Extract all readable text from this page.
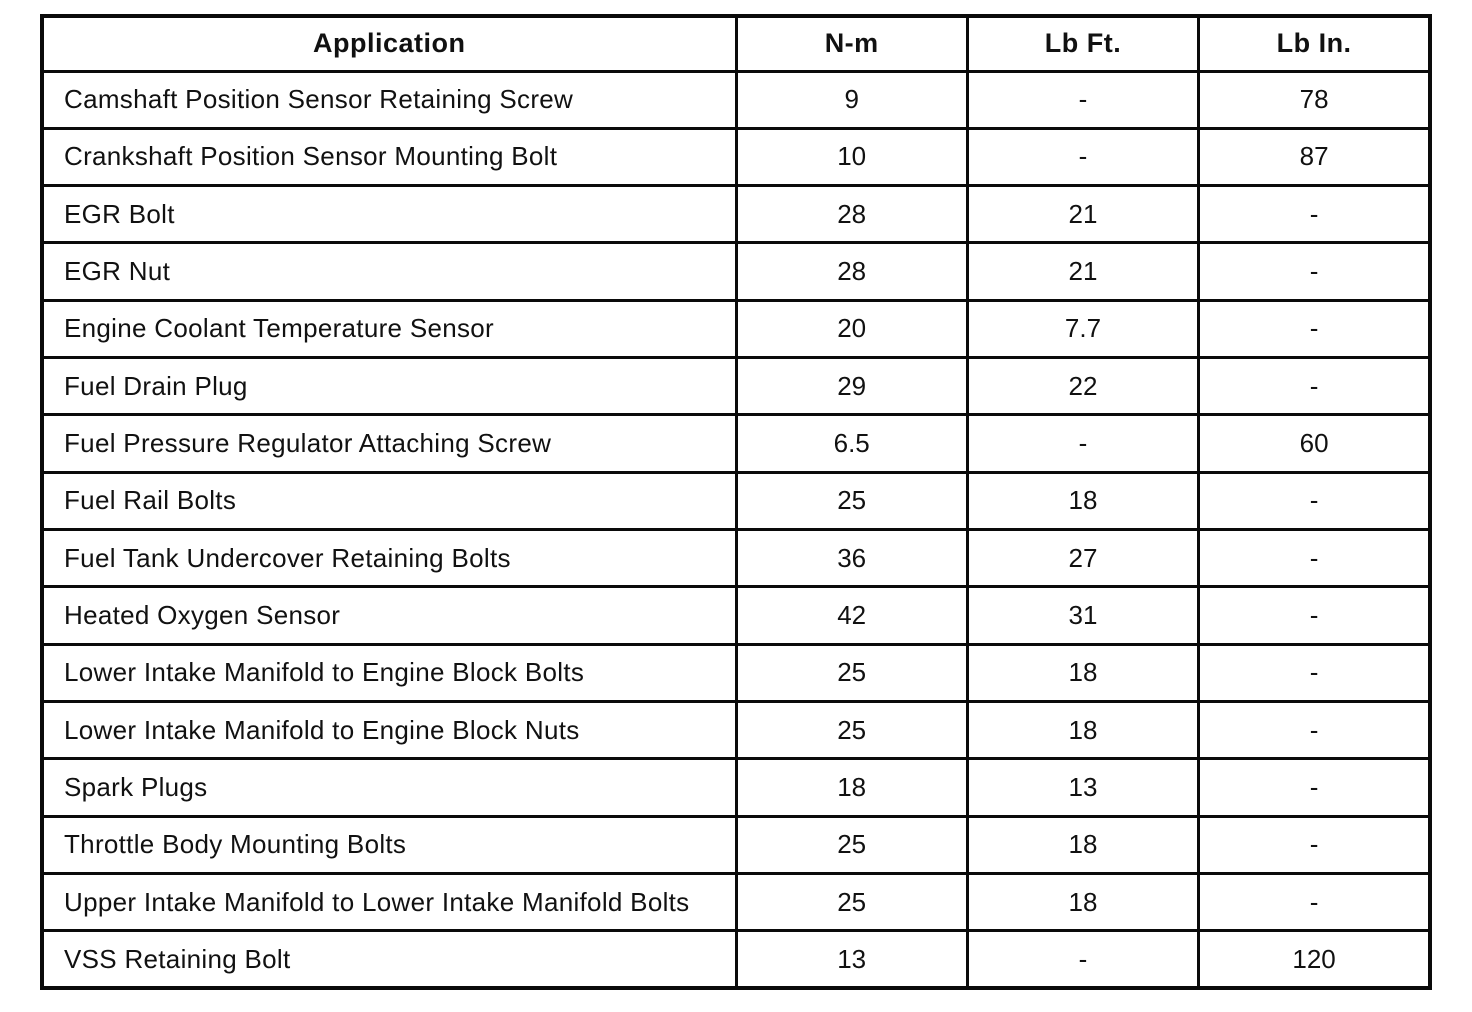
Application	N-m	Lb Ft.	Lb In.
Camshaft Position Sensor Retaining Screw	9	-	78
Crankshaft Position Sensor Mounting Bolt	10	-	87
EGR Bolt	28	21	-
EGR Nut	28	21	-
Engine Coolant Temperature Sensor	20	7.7	-
Fuel Drain Plug	29	22	-
Fuel Pressure Regulator Attaching Screw	6.5	-	60
Fuel Rail Bolts	25	18	-
Fuel Tank Undercover Retaining Bolts	36	27	-
Heated Oxygen Sensor	42	31	-
Lower Intake Manifold to Engine Block Bolts	25	18	-
Lower Intake Manifold to Engine Block Nuts	25	18	-
Spark Plugs	18	13	-
Throttle Body Mounting Bolts	25	18	-
Upper Intake Manifold to Lower Intake Manifold Bolts	25	18	-
VSS Retaining Bolt	13	-	120
